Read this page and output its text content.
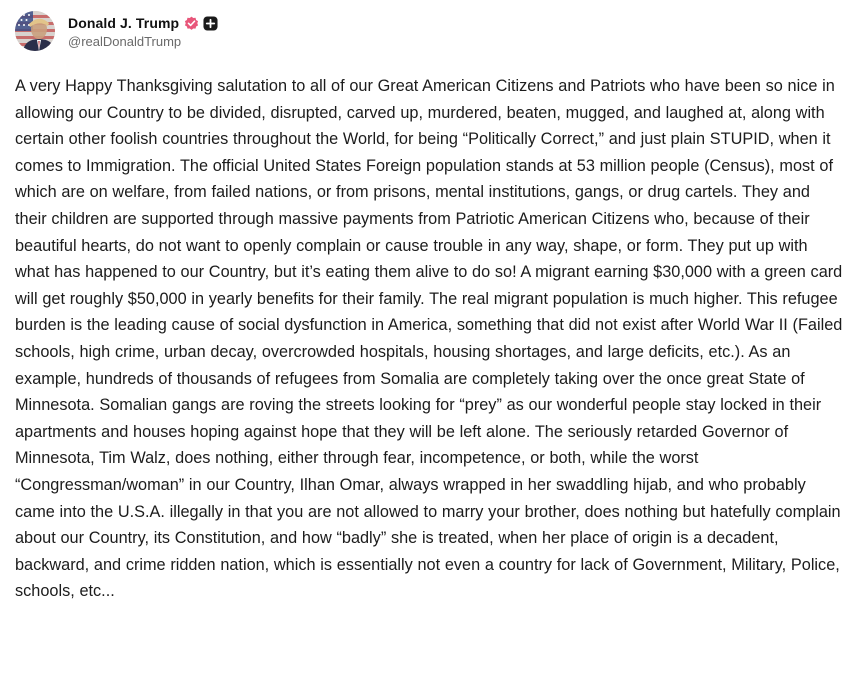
Donald J. Trump
@realDonaldTrump

A very Happy Thanksgiving salutation to all of our Great American Citizens and Patriots who have been so nice in allowing our Country to be divided, disrupted, carved up, murdered, beaten, mugged, and laughed at, along with certain other foolish countries throughout the World, for being “Politically Correct,” and just plain STUPID, when it comes to Immigration. The official United States Foreign population stands at 53 million people (Census), most of which are on welfare, from failed nations, or from prisons, mental institutions, gangs, or drug cartels. They and their children are supported through massive payments from Patriotic American Citizens who, because of their beautiful hearts, do not want to openly complain or cause trouble in any way, shape, or form. They put up with what has happened to our Country, but it’s eating them alive to do so! A migrant earning $30,000 with a green card will get roughly $50,000 in yearly benefits for their family. The real migrant population is much higher. This refugee burden is the leading cause of social dysfunction in America, something that did not exist after World War II (Failed schools, high crime, urban decay, overcrowded hospitals, housing shortages, and large deficits, etc.). As an example, hundreds of thousands of refugees from Somalia are completely taking over the once great State of Minnesota. Somalian gangs are roving the streets looking for “prey” as our wonderful people stay locked in their apartments and houses hoping against hope that they will be left alone. The seriously retarded Governor of Minnesota, Tim Walz, does nothing, either through fear, incompetence, or both, while the worst “Congressman/woman” in our Country, Ilhan Omar, always wrapped in her swaddling hijab, and who probably came into the U.S.A. illegally in that you are not allowed to marry your brother, does nothing but hatefully complain about our Country, its Constitution, and how “badly” she is treated, when her place of origin is a decadent, backward, and crime ridden nation, which is essentially not even a country for lack of Government, Military, Police, schools, etc...
